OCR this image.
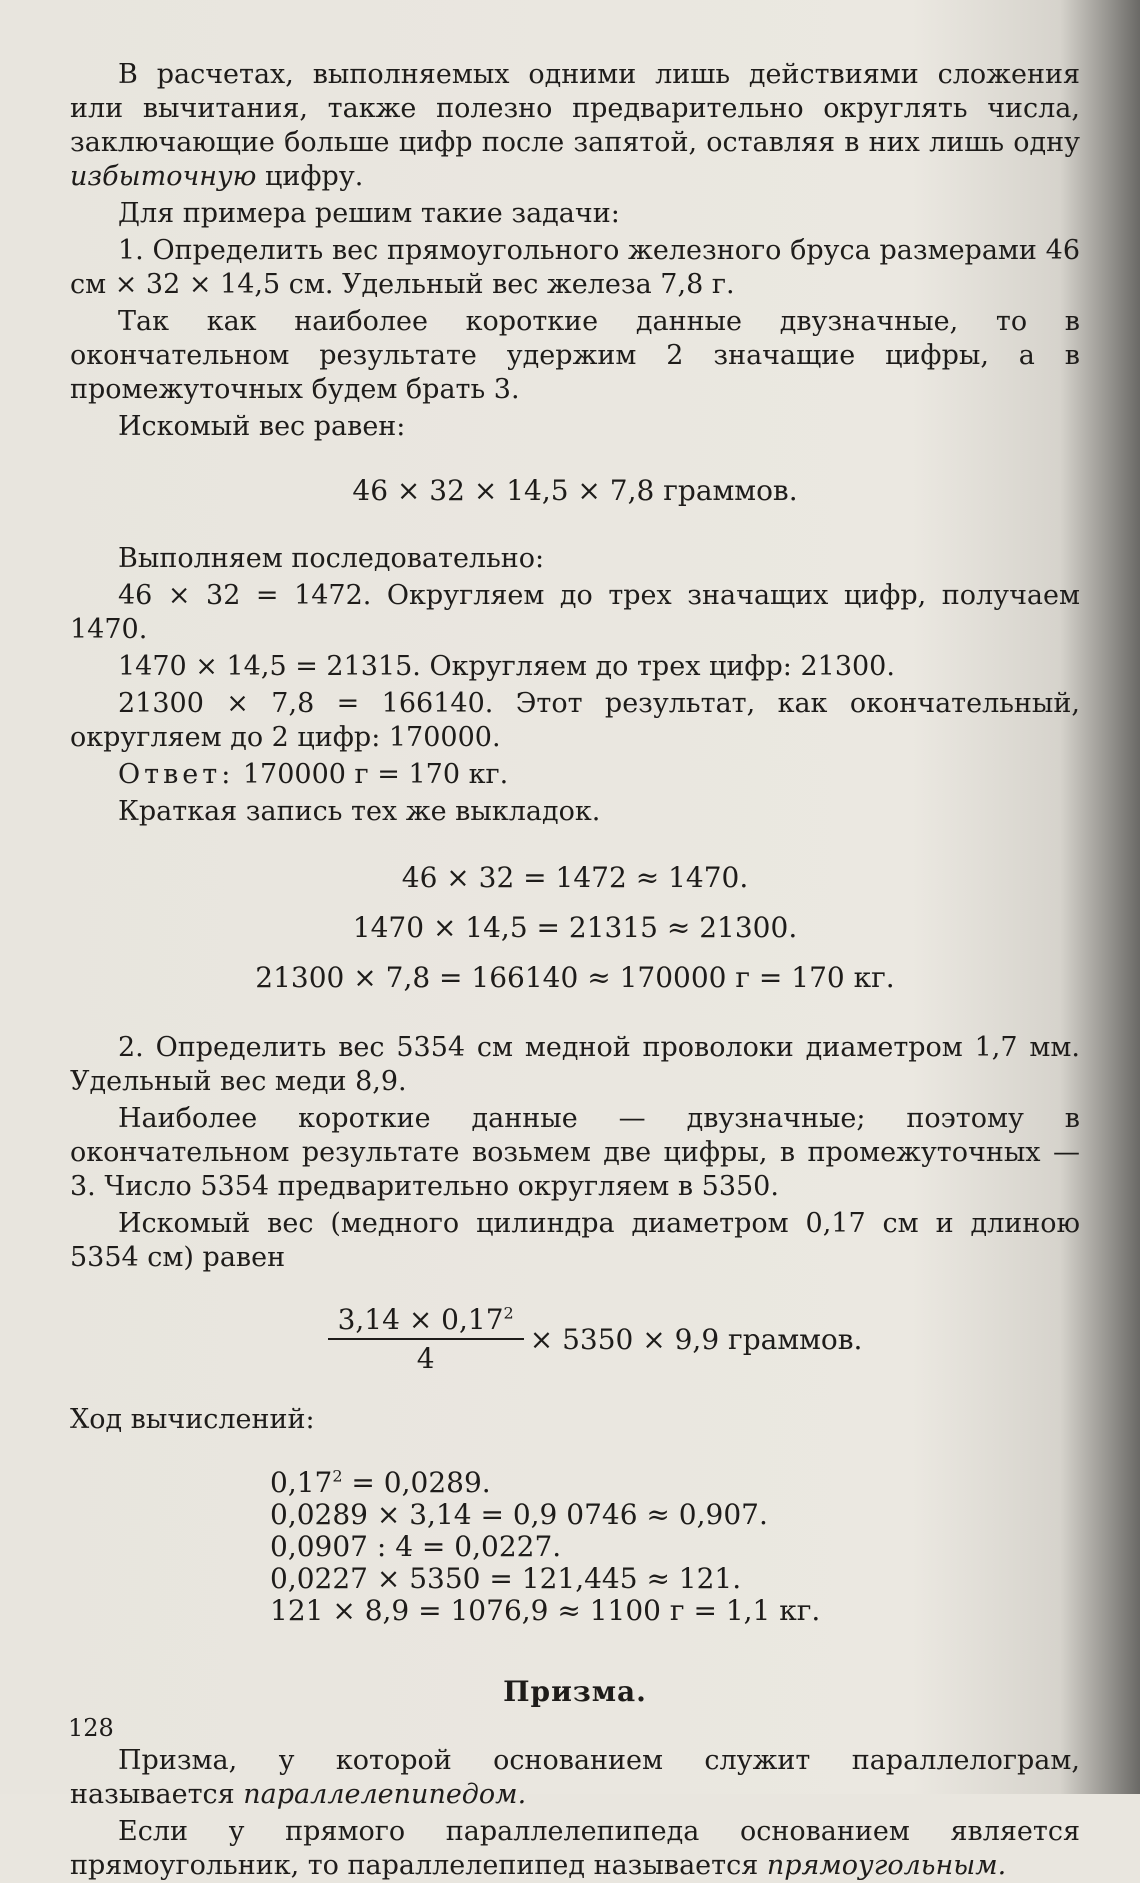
В расчетах, выполняемых одними лишь действиями сложения или вычитания, также полезно предварительно округлять числа, заключающие больше цифр после запятой, оставляя в них лишь одну избыточную цифру.

Для примера решим такие задачи:

1. Определить вес прямоугольного железного бруса размерами 46 см × 32 × 14,5 см. Удельный вес железа 7,8 г.

Так как наиболее короткие данные двузначные, то в окончательном результате удержим 2 значащие цифры, а в промежуточных будем брать 3.

Искомый вес равен:

46 × 32 × 14,5 × 7,8 граммов.

Выполняем последовательно:

46 × 32 = 1472. Округляем до трех значащих цифр, получаем 1470.

1470 × 14,5 = 21315. Округляем до трех цифр: 21300.

21300 × 7,8 = 166140. Этот результат, как окончательный, округляем до 2 цифр: 170000.

Ответ: 170000 г = 170 кг.

Краткая запись тех же выкладок.

46 × 32 = 1472 ≈ 1470.

1470 × 14,5 = 21315 ≈ 21300.

21300 × 7,8 = 166140 ≈ 170000 г = 170 кг.

2. Определить вес 5354 см медной проволоки диаметром 1,7 мм. Удельный вес меди 8,9.

Наиболее короткие данные — двузначные; поэтому в окончательном результате возьмем две цифры, в промежуточных — 3. Число 5354 предварительно округляем в 5350.

Искомый вес (медного цилиндра диаметром 0,17 см и длиною 5354 см) равен

$\frac{3,14 \times 0,17^2}{4} \times 5350 \times 9,9$ граммов.

Ход вычислений:

$0,17^2 = 0,0289$.
0,0289 × 3,14 = 0,9 0746 ≈ 0,907.
0,0907 : 4 = 0,0227.
0,0227 × 5350 = 121,445 ≈ 121.
121 × 8,9 = 1076,9 ≈ 1100 г = 1,1 кг.
Призма.

Призма, у которой основанием служит параллелограм, называется параллелепипедом.

Если у прямого параллелепипеда основанием является прямоугольник, то параллелепипед называется прямоугольным.

128
